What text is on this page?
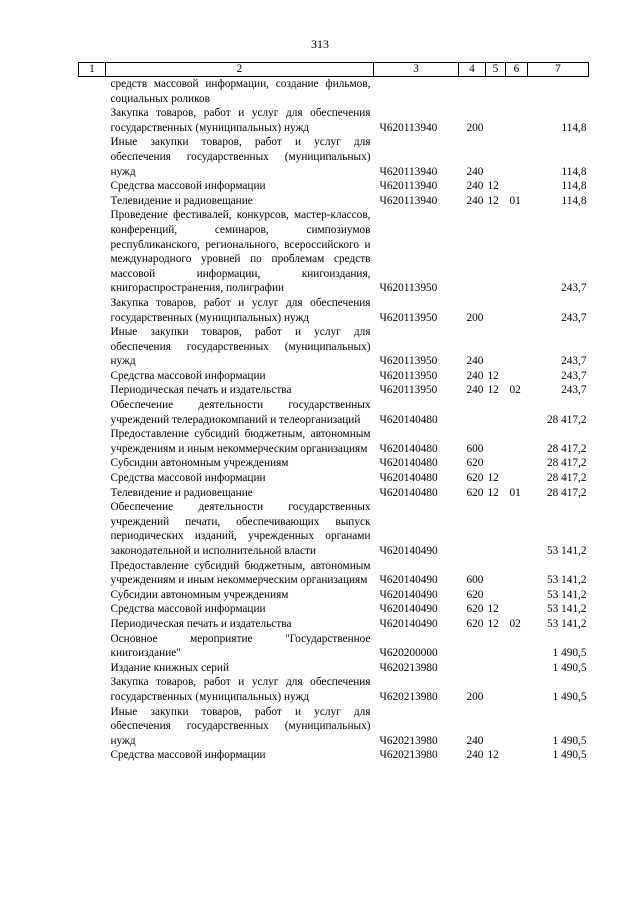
313
1	2	3	4	5	6	7
	средств массовой информации, создание фильмов, социальных роликов					
	Закупка товаров, работ и услуг для обеспечения государственных (муниципальных) нужд	Ч620113940	200			114,8
	Иные закупки товаров, работ и услуг для обеспечения государственных (муниципальных) нужд	Ч620113940	240			114,8
	Средства массовой информации	Ч620113940	240	12		114,8
	Телевидение и радиовещание	Ч620113940	240	12	01	114,8
	Проведение фестивалей, конкурсов, мастер-классов, конференций, семинаров, симпозиумов республиканского, регионального, всероссийского и международного уровней по проблемам средств массовой информации, книгоиздания, книгораспространения, полиграфии	Ч620113950				243,7
	Закупка товаров, работ и услуг для обеспечения государственных (муниципальных) нужд	Ч620113950	200			243,7
	Иные закупки товаров, работ и услуг для обеспечения государственных (муниципальных) нужд	Ч620113950	240			243,7
	Средства массовой информации	Ч620113950	240	12		243,7
	Периодическая печать и издательства	Ч620113950	240	12	02	243,7
	Обеспечение деятельности государственных учреждений телерадиокомпаний и телеорганизаций	Ч620140480				28 417,2
	Предоставление субсидий бюджетным, автономным учреждениям и иным некоммерческим организациям	Ч620140480	600			28 417,2
	Субсидии автономным учреждениям	Ч620140480	620			28 417,2
	Средства массовой информации	Ч620140480	620	12		28 417,2
	Телевидение и радиовещание	Ч620140480	620	12	01	28 417,2
	Обеспечение деятельности государственных учреждений печати, обеспечивающих выпуск периодических изданий, учрежденных органами законодательной и исполнительной власти	Ч620140490				53 141,2
	Предоставление субсидий бюджетным, автономным учреждениям и иным некоммерческим организациям	Ч620140490	600			53 141,2
	Субсидии автономным учреждениям	Ч620140490	620			53 141,2
	Средства массовой информации	Ч620140490	620	12		53 141,2
	Периодическая печать и издательства	Ч620140490	620	12	02	53 141,2
	Основное мероприятие "Государственное книгоиздание"	Ч620200000				1 490,5
	Издание книжных серий	Ч620213980				1 490,5
	Закупка товаров, работ и услуг для обеспечения государственных (муниципальных) нужд	Ч620213980	200			1 490,5
	Иные закупки товаров, работ и услуг для обеспечения государственных (муниципальных) нужд	Ч620213980	240			1 490,5
	Средства массовой информации	Ч620213980	240	12		1 490,5
